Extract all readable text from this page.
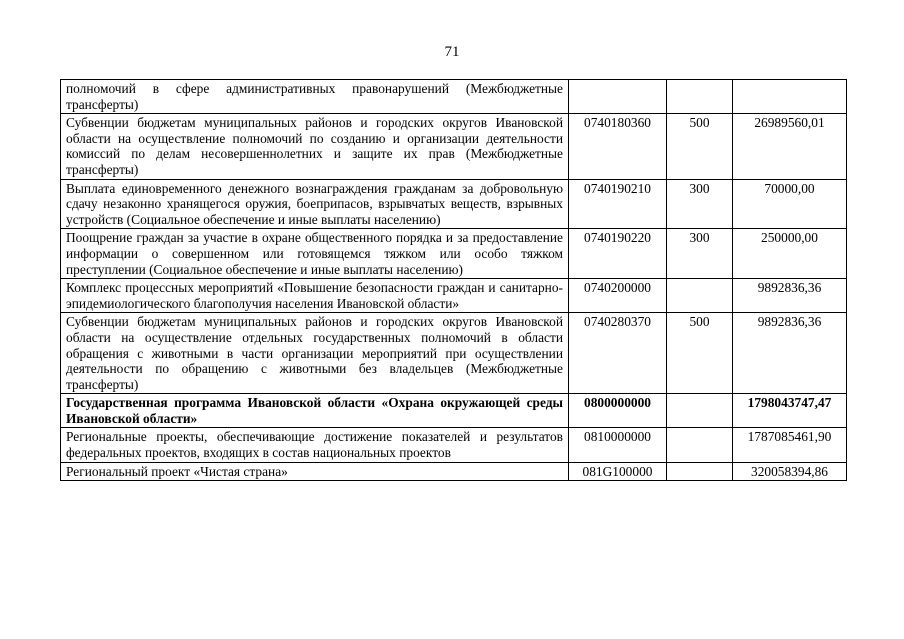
71
полномочий в сфере административных правонарушений (Межбюджетные трансферты)			
Субвенции бюджетам муниципальных районов и городских округов Ивановской области на осуществление полномочий по созданию и организации деятельности комиссий по делам несовершеннолетних и защите их прав (Межбюджетные трансферты)	0740180360	500	26989560,01
Выплата единовременного денежного вознаграждения гражданам за добровольную сдачу незаконно хранящегося оружия, боеприпасов, взрывчатых веществ, взрывных устройств (Социальное обеспечение и иные выплаты населению)	0740190210	300	70000,00
Поощрение граждан за участие в охране общественного порядка и за предоставление информации о совершенном или готовящемся тяжком или особо тяжком преступлении (Социальное обеспечение и иные выплаты населению)	0740190220	300	250000,00
Комплекс процессных мероприятий «Повышение безопасности граждан и санитарно-эпидемиологического благополучия населения Ивановской области»	0740200000		9892836,36
Субвенции бюджетам муниципальных районов и городских округов Ивановской области на осуществление отдельных государственных полномочий в области обращения с животными в части организации мероприятий при осуществлении деятельности по обращению с животными без владельцев (Межбюджетные трансферты)	0740280370	500	9892836,36
Государственная программа Ивановской области «Охрана окружающей среды Ивановской области»	0800000000		1798043747,47
Региональные проекты, обеспечивающие достижение показателей и результатов федеральных проектов, входящих в состав национальных проектов	0810000000		1787085461,90
Региональный проект «Чистая страна»	081G100000		320058394,86
